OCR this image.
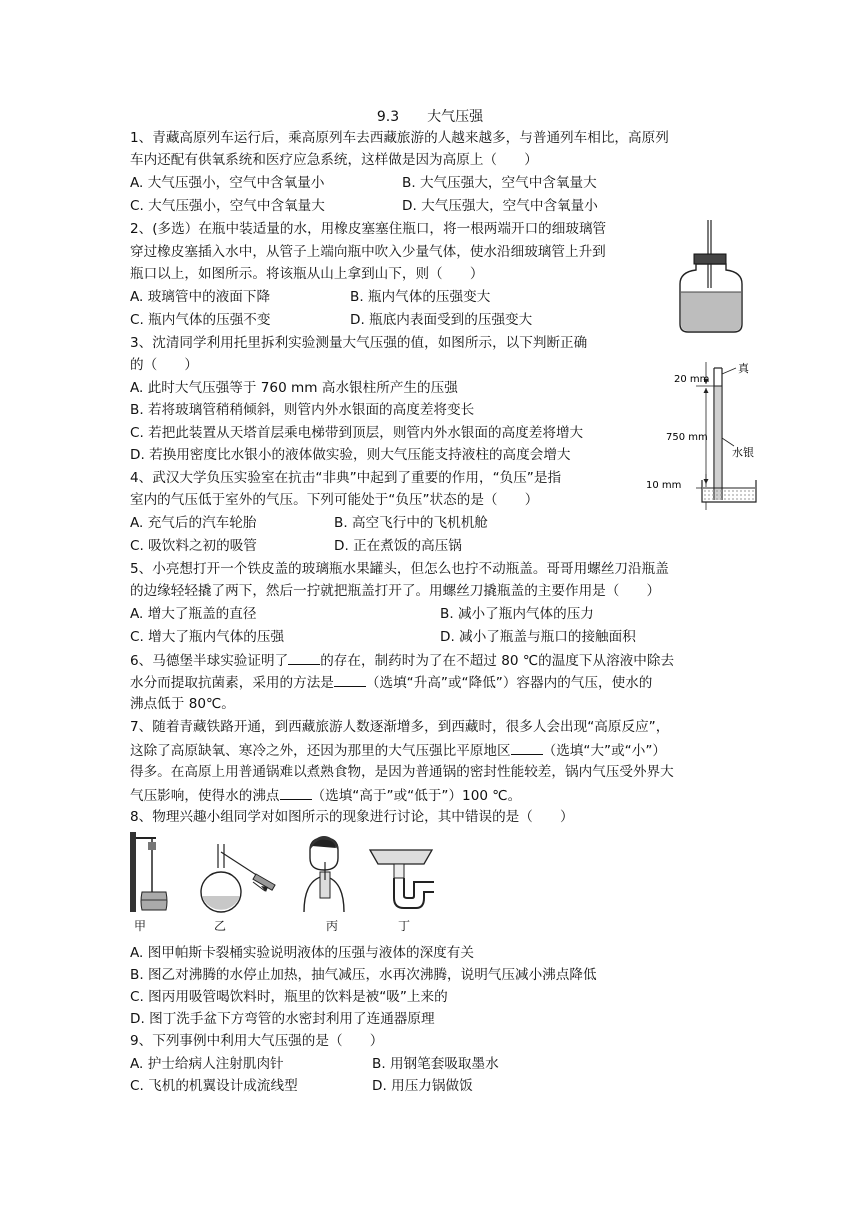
9.3 大气压强
1、青藏高原列车运行后，乘高原列车去西藏旅游的人越来越多，与普通列车相比，高原列
车内还配有供氧系统和医疗应急系统，这样做是因为高原上（　　）
A. 大气压强小，空气中含氧量小	B. 大气压强大，空气中含氧量大
C. 大气压强小，空气中含氧量大	D. 大气压强大，空气中含氧量小
2、(多选）在瓶中装适量的水，用橡皮塞塞住瓶口，将一根两端开口的细玻璃管
穿过橡皮塞插入水中，从管子上端向瓶中吹入少量气体，使水沿细玻璃管上升到
瓶口以上，如图所示。将该瓶从山上拿到山下，则（　　）
A. 玻璃管中的液面下降	B. 瓶内气体的压强变大
C. 瓶内气体的压强不变	D. 瓶底内表面受到的压强变大
3、沈清同学利用托里拆利实验测量大气压强的值，如图所示，以下判断正确
的（　　）
A. 此时大气压强等于 760 mm 高水银柱所产生的压强
B. 若将玻璃管稍稍倾斜，则管内外水银面的高度差将变长
C. 若把此装置从天塔首层乘电梯带到顶层，则管内外水银面的高度差将增大
D. 若换用密度比水银小的液体做实验，则大气压能支持液柱的高度会增大
20 mm
750 mm
10 mm
真
水银
4、武汉大学负压实验室在抗击“非典”中起到了重要的作用，“负压”是指
室内的气压低于室外的气压。下列可能处于“负压”状态的是（　　）
A. 充气后的汽车轮胎	B. 高空飞行中的飞机机舱
C. 吸饮料之初的吸管	D. 正在煮饭的高压锅
5、小亮想打开一个铁皮盖的玻璃瓶水果罐头，但怎么也拧不动瓶盖。哥哥用螺丝刀沿瓶盖
的边缘轻轻撬了两下，然后一拧就把瓶盖打开了。用螺丝刀撬瓶盖的主要作用是（　　）
A. 增大了瓶盖的直径	B. 减小了瓶内气体的压力
C. 增大了瓶内气体的压强	D. 减小了瓶盖与瓶口的接触面积
6、马德堡半球实验证明了 的存在，制药时为了在不超过 80 ℃的温度下从溶液中除去
水分而提取抗菌素，采用的方法是 （选填“升高”或“降低”）容器内的气压，使水的
沸点低于 80℃。
7、随着青藏铁路开通，到西藏旅游人数逐渐增多，到西藏时，很多人会出现“高原反应”，
这除了高原缺氧、寒冷之外，还因为那里的大气压强比平原地区 （选填“大”或“小”）
得多。在高原上用普通锅难以煮熟食物，是因为普通锅的密封性能较差，锅内气压受外界大
气压影响，使得水的沸点 （选填“高于”或“低于”）100 ℃。
8、物理兴趣小组同学对如图所示的现象进行讨论，其中错误的是（　　）
甲	乙	丙	丁
A. 图甲帕斯卡裂桶实验说明液体的压强与液体的深度有关
B. 图乙对沸腾的水停止加热，抽气减压，水再次沸腾，说明气压减小沸点降低
C. 图丙用吸管喝饮料时，瓶里的饮料是被“吸”上来的
D. 图丁洗手盆下方弯管的水密封利用了连通器原理
9、下列事例中利用大气压强的是（　　）
A. 护士给病人注射肌肉针	B. 用钢笔套吸取墨水
C. 飞机的机翼设计成流线型	D. 用压力锅做饭
